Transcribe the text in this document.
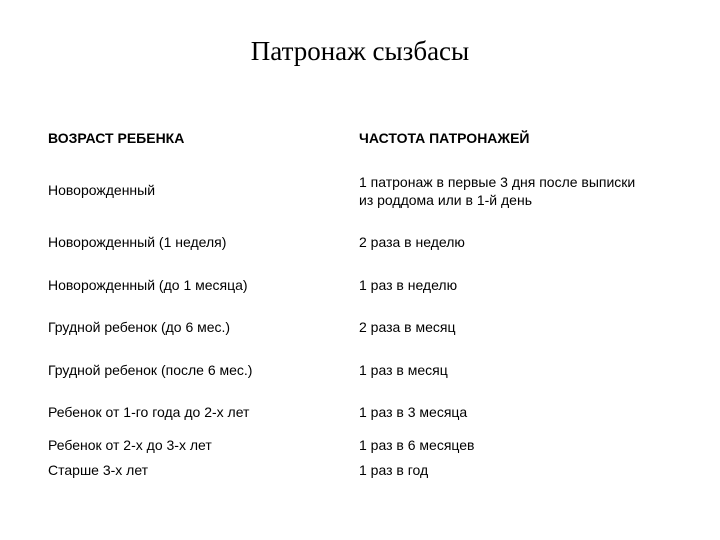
Патронаж сызбасы
ВОЗРАСТ РЕБЕНКА	ЧАСТОТА ПАТРОНАЖЕЙ
Новорожденный	1 патронаж в первые 3 дня после выписки
из роддома или в 1-й день
Новорожденный (1 неделя)	2 раза в неделю
Новорожденный (до 1 месяца)	1 раз в неделю
Грудной ребенок (до 6 мес.)	2 раза в месяц
Грудной ребенок (после 6 мес.)	1 раз в месяц
Ребенок от 1-го года до 2-х лет	1 раз в 3 месяца
Ребенок от 2-х до 3-х лет	1 раз в 6 месяцев
Старше 3-х лет	1 раз в год
